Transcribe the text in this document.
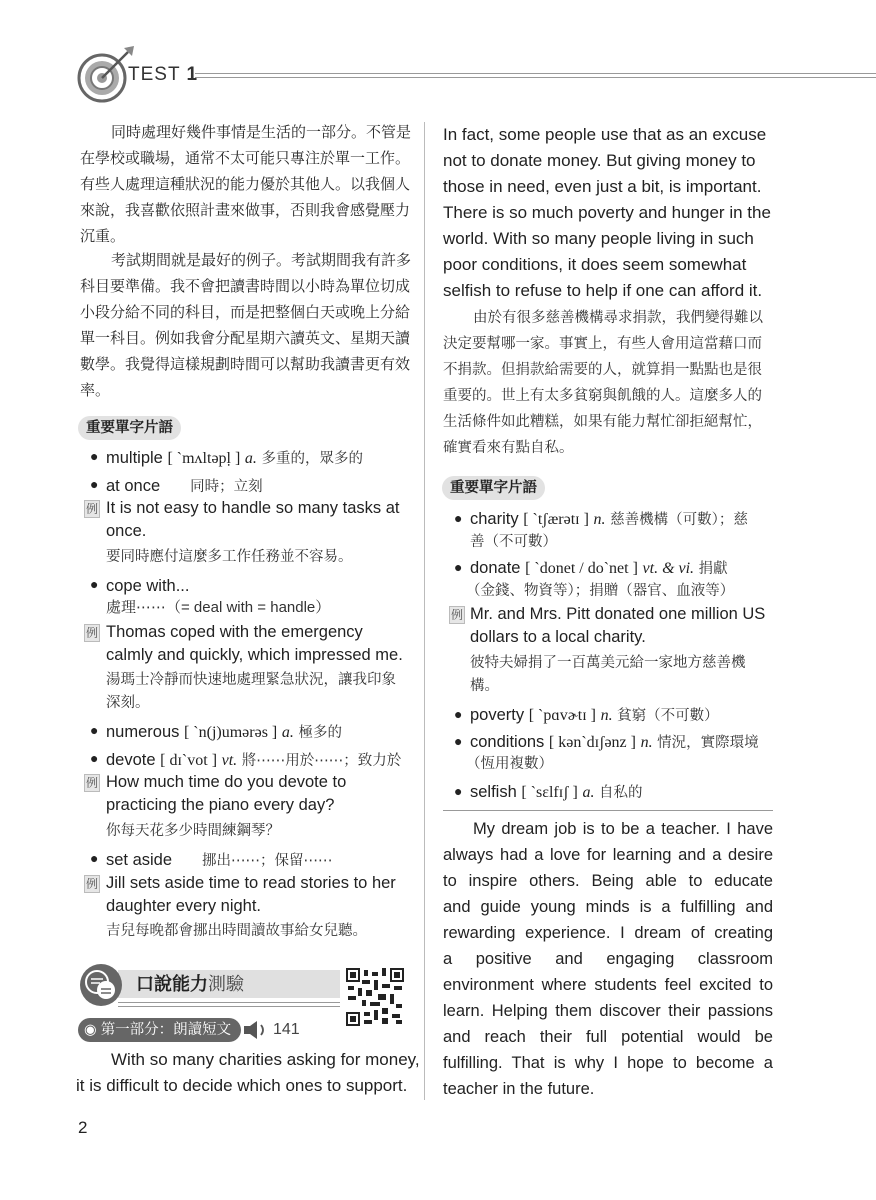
TEST 1
同時處理好幾件事情是生活的一部分。不管是
在學校或職場，通常不太可能只專注於單一工作。
有些人處理這種狀況的能力優於其他人。以我個人
來說，我喜歡依照計畫來做事，否則我會感覺壓力
沉重。
考試期間就是最好的例子。考試期間我有許多
科目要準備。我不會把讀書時間以小時為單位切成
小段分給不同的科目，而是把整個白天或晚上分給
單一科目。例如我會分配星期六讀英文、星期天讀
數學。我覺得這樣規劃時間可以幫助我讀書更有效
率。
重要單字片語
● multiple [ ˋmʌltəpḷ ] a. 多重的，眾多的
● at once 同時；立刻
例 It is not easy to handle so many tasks at
once.
要同時應付這麼多工作任務並不容易。
● cope with...
處理⋯⋯（= deal with = handle）
例 Thomas coped with the emergency
calmly and quickly, which impressed me.
湯瑪士冷靜而快速地處理緊急狀況，讓我印象
深刻。
● numerous [ ˋn(j)umərəs ] a. 極多的
● devote [ dɪˋvot ] vt. 將⋯⋯用於⋯⋯；致力於
例 How much time do you devote to
practicing the piano every day?
你每天花多少時間練鋼琴？
● set aside 挪出⋯⋯；保留⋯⋯
例 Jill sets aside time to read stories to her
daughter every night.
吉兒每晚都會挪出時間讀故事給女兒聽。
口說能力測驗
◉ 第一部分：朗讀短文	141
With so many charities asking for money,
it is difficult to decide which ones to support.
2
In fact, some people use that as an excuse
not to donate money. But giving money to
those in need, even just a bit, is important.
There is so much poverty and hunger in the
world. With so many people living in such
poor conditions, it does seem somewhat
selfish to refuse to help if one can afford it.
由於有很多慈善機構尋求捐款，我們變得難以
決定要幫哪一家。事實上，有些人會用這當藉口而
不捐款。但捐款給需要的人，就算捐一點點也是很
重要的。世上有太多貧窮與飢餓的人。這麼多人的
生活條件如此糟糕，如果有能力幫忙卻拒絕幫忙，
確實看來有點自私。
重要單字片語
● charity [ ˋtʃærətɪ ] n. 慈善機構（可數）；慈
善（不可數）
● donate [ ˋdonet / doˋnet ] vt. & vi. 捐獻
（金錢、物資等）；捐贈（器官、血液等）
例 Mr. and Mrs. Pitt donated one million US
dollars to a local charity.
彼特夫婦捐了一百萬美元給一家地方慈善機
構。
● poverty [ ˋpɑvɚtɪ ] n. 貧窮（不可數）
● conditions [ kənˋdɪʃənz ] n. 情況，實際環境
（恆用複數）
● selfish [ ˋsɛlfɪʃ ] a. 自私的
My dream job is to be a teacher. I have
always had a love for learning and a desire
to inspire others. Being able to educate
and guide young minds is a fulfilling and
rewarding experience. I dream of creating
a positive and engaging classroom
environment where students feel excited to
learn. Helping them discover their passions
and reach their full potential would be
fulfilling. That is why I hope to become a
teacher in the future.
